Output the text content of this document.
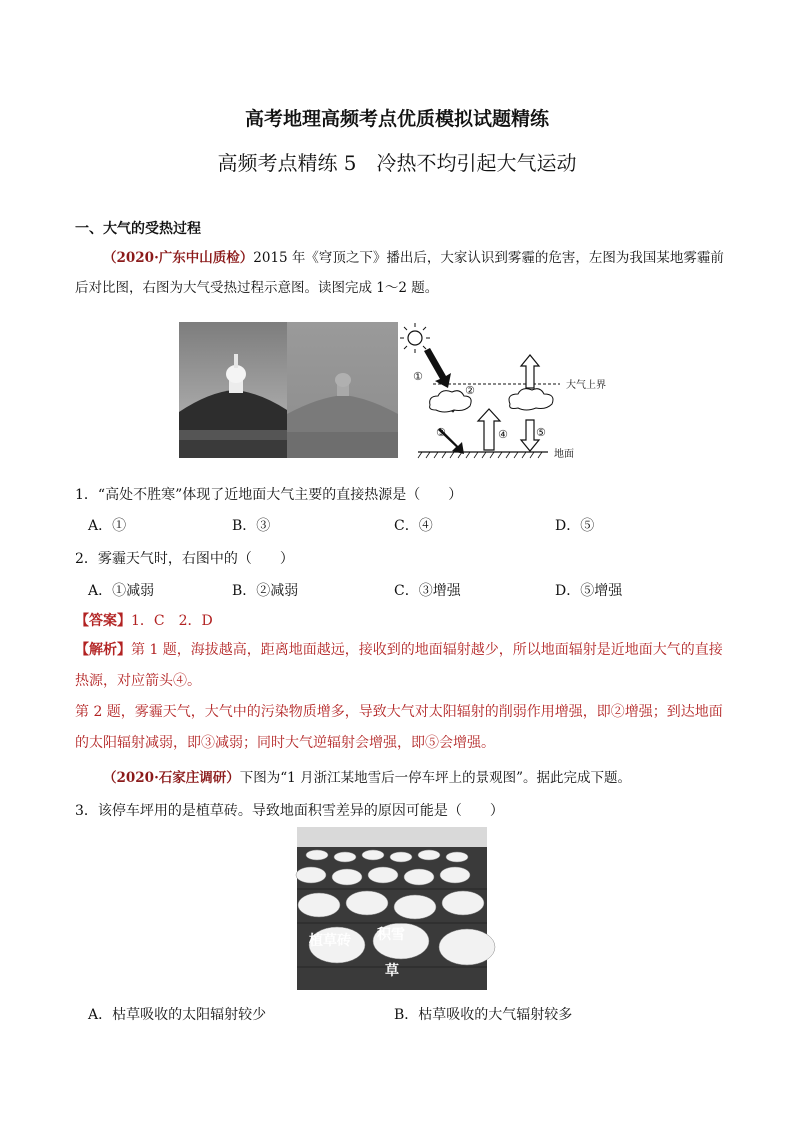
高考地理高频考点优质模拟试题精练
高频考点精练 5　冷热不均引起大气运动
一、大气的受热过程
（2020·广东中山质检）2015 年《穹顶之下》播出后，大家认识到雾霾的危害，左图为我国某地雾霾前
后对比图，右图为大气受热过程示意图。读图完成 1～2 题。
①
②
③	④	⑤
大气上界
地面
1．“高处不胜寒”体现了近地面大气主要的直接热源是（　　）
A．①	B．③	C．④	D．⑤
2．雾霾天气时，右图中的（　　）
A．①减弱	B．②减弱	C．③增强	D．⑤增强
【答案】1．C　2．D
【解析】第 1 题，海拔越高，距离地面越远，接收到的地面辐射越少，所以地面辐射是近地面大气的直接
热源，对应箭头④。
第 2 题，雾霾天气，大气中的污染物质增多，导致大气对太阳辐射的削弱作用增强，即②增强；到达地面
的太阳辐射减弱，即③减弱；同时大气逆辐射会增强，即⑤会增强。
（2020·石家庄调研）下图为“1 月浙江某地雪后一停车坪上的景观图”。据此完成下题。
3．该停车坪用的是植草砖。导致地面积雪差异的原因可能是（　　）
植草砖 积雪
草
A．枯草吸收的太阳辐射较少	B．枯草吸收的大气辐射较多
